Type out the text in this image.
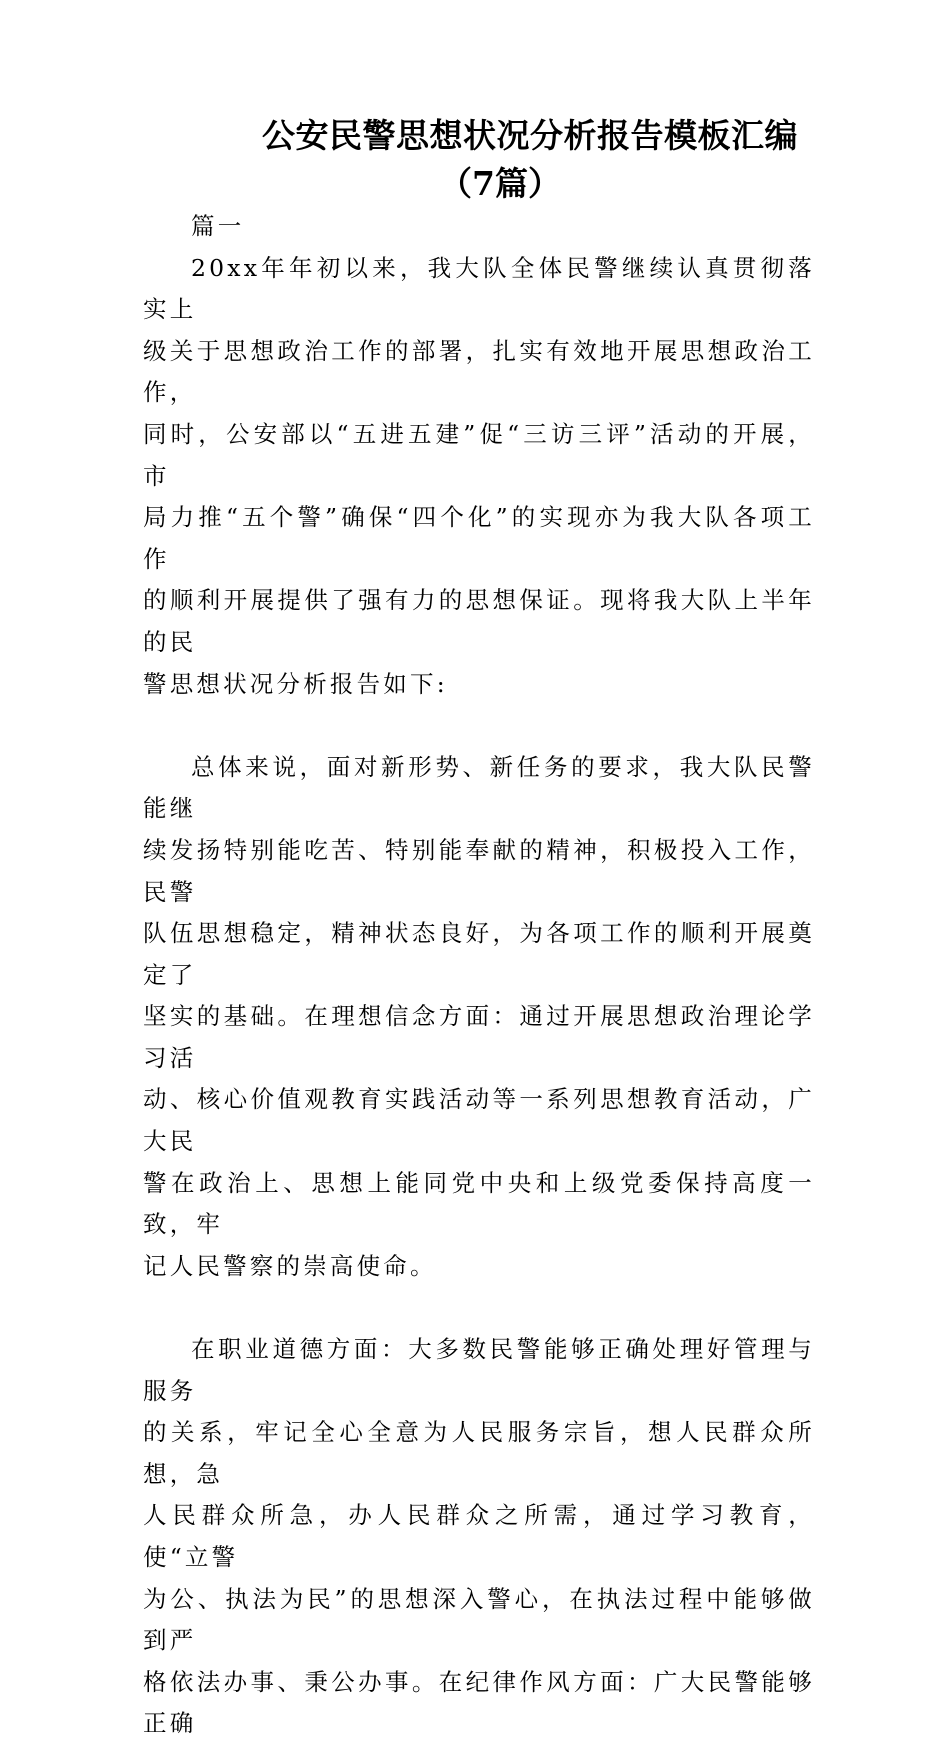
公安民警思想状况分析报告模板汇编
（7篇）

篇一

20xx年年初以来，我大队全体民警继续认真贯彻落实上
级关于思想政治工作的部署，扎实有效地开展思想政治工作，
同时，公安部以“五进五建”促“三访三评”活动的开展，市
局力推“五个警”确保“四个化”的实现亦为我大队各项工作
的顺利开展提供了强有力的思想保证。现将我大队上半年的民
警思想状况分析报告如下:

总体来说，面对新形势、新任务的要求，我大队民警能继
续发扬特别能吃苦、特别能奉献的精神，积极投入工作，民警
队伍思想稳定，精神状态良好，为各项工作的顺利开展奠定了
坚实的基础。在理想信念方面：通过开展思想政治理论学习活
动、核心价值观教育实践活动等一系列思想教育活动，广大民
警在政治上、思想上能同党中央和上级党委保持高度一致，牢
记人民警察的崇高使命。

在职业道德方面：大多数民警能够正确处理好管理与服务
的关系，牢记全心全意为人民服务宗旨，想人民群众所想，急
人民群众所急，办人民群众之所需，通过学习教育，使“立警
为公、执法为民”的思想深入警心，在执法过程中能够做到严
格依法办事、秉公办事。在纪律作风方面：广大民警能够正确
